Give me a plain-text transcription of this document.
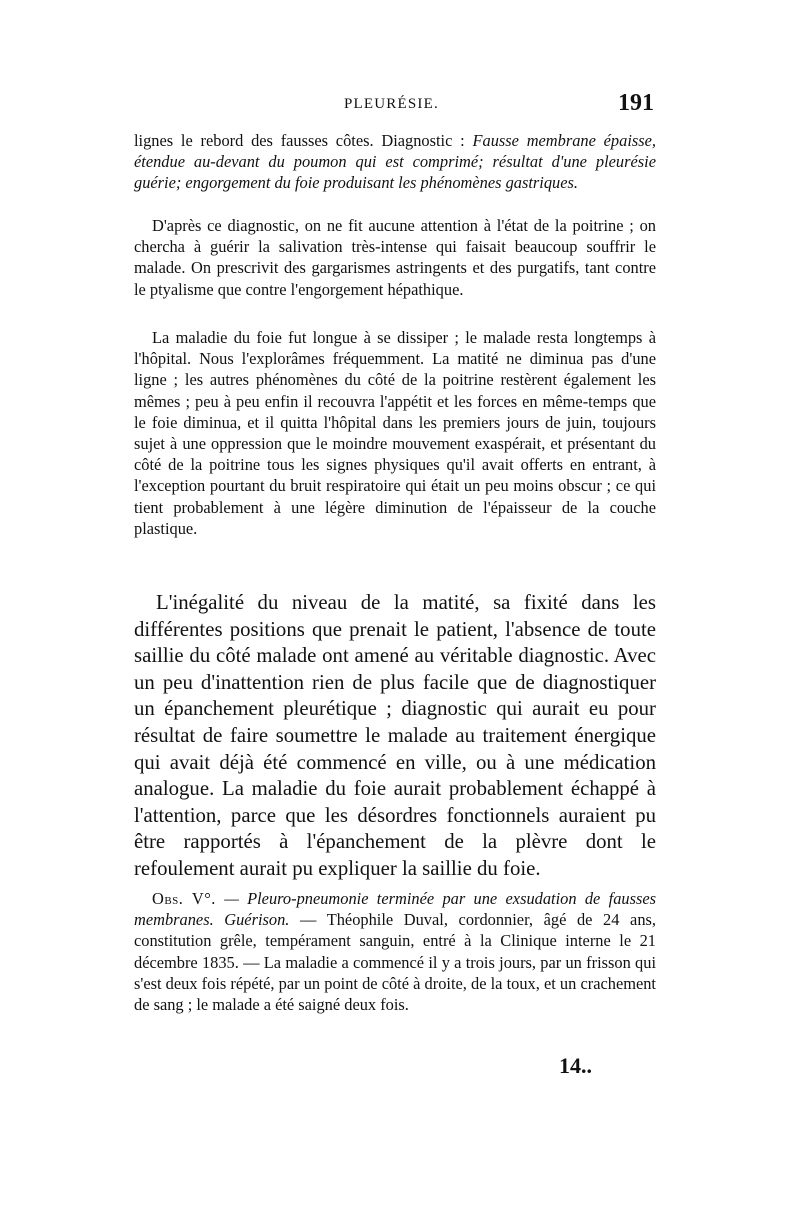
PLEURÉSIE.	191

lignes le rebord des fausses côtes. Diagnostic : Fausse membrane épaisse, étendue au-devant du poumon qui est comprimé; résultat d'une pleurésie guérie; engorgement du foie produisant les phénomènes gastriques.

D'après ce diagnostic, on ne fit aucune attention à l'état de la poitrine ; on chercha à guérir la salivation très-intense qui faisait beaucoup souffrir le malade. On prescrivit des gargarismes astringents et des purgatifs, tant contre le ptyalisme que contre l'engorgement hépathique.

La maladie du foie fut longue à se dissiper ; le malade resta longtemps à l'hôpital. Nous l'explorâmes fréquemment. La matité ne diminua pas d'une ligne ; les autres phénomènes du côté de la poitrine restèrent également les mêmes ; peu à peu enfin il recouvra l'appétit et les forces en même-temps que le foie diminua, et il quitta l'hôpital dans les premiers jours de juin, toujours sujet à une oppression que le moindre mouvement exaspérait, et présentant du côté de la poitrine tous les signes physiques qu'il avait offerts en entrant, à l'exception pourtant du bruit respiratoire qui était un peu moins obscur ; ce qui tient probablement à une légère diminution de l'épaisseur de la couche plastique.

L'inégalité du niveau de la matité, sa fixité dans les différentes positions que prenait le patient, l'absence de toute saillie du côté malade ont amené au véritable diagnostic. Avec un peu d'inattention rien de plus facile que de diagnostiquer un épanchement pleurétique ; diagnostic qui aurait eu pour résultat de faire soumettre le malade au traitement énergique qui avait déjà été commencé en ville, ou à une médication analogue. La maladie du foie aurait probablement échappé à l'attention, parce que les désordres fonctionnels auraient pu être rapportés à l'épanchement de la plèvre dont le refoulement aurait pu expliquer la saillie du foie.

Obs. V°. — Pleuro-pneumonie terminée par une exsudation de fausses membranes. Guérison. — Théophile Duval, cordonnier, âgé de 24 ans, constitution grêle, tempérament sanguin, entré à la Clinique interne le 21 décembre 1835. — La maladie a commencé il y a trois jours, par un frisson qui s'est deux fois répété, par un point de côté à droite, de la toux, et un crachement de sang ; le malade a été saigné deux fois.

14..
